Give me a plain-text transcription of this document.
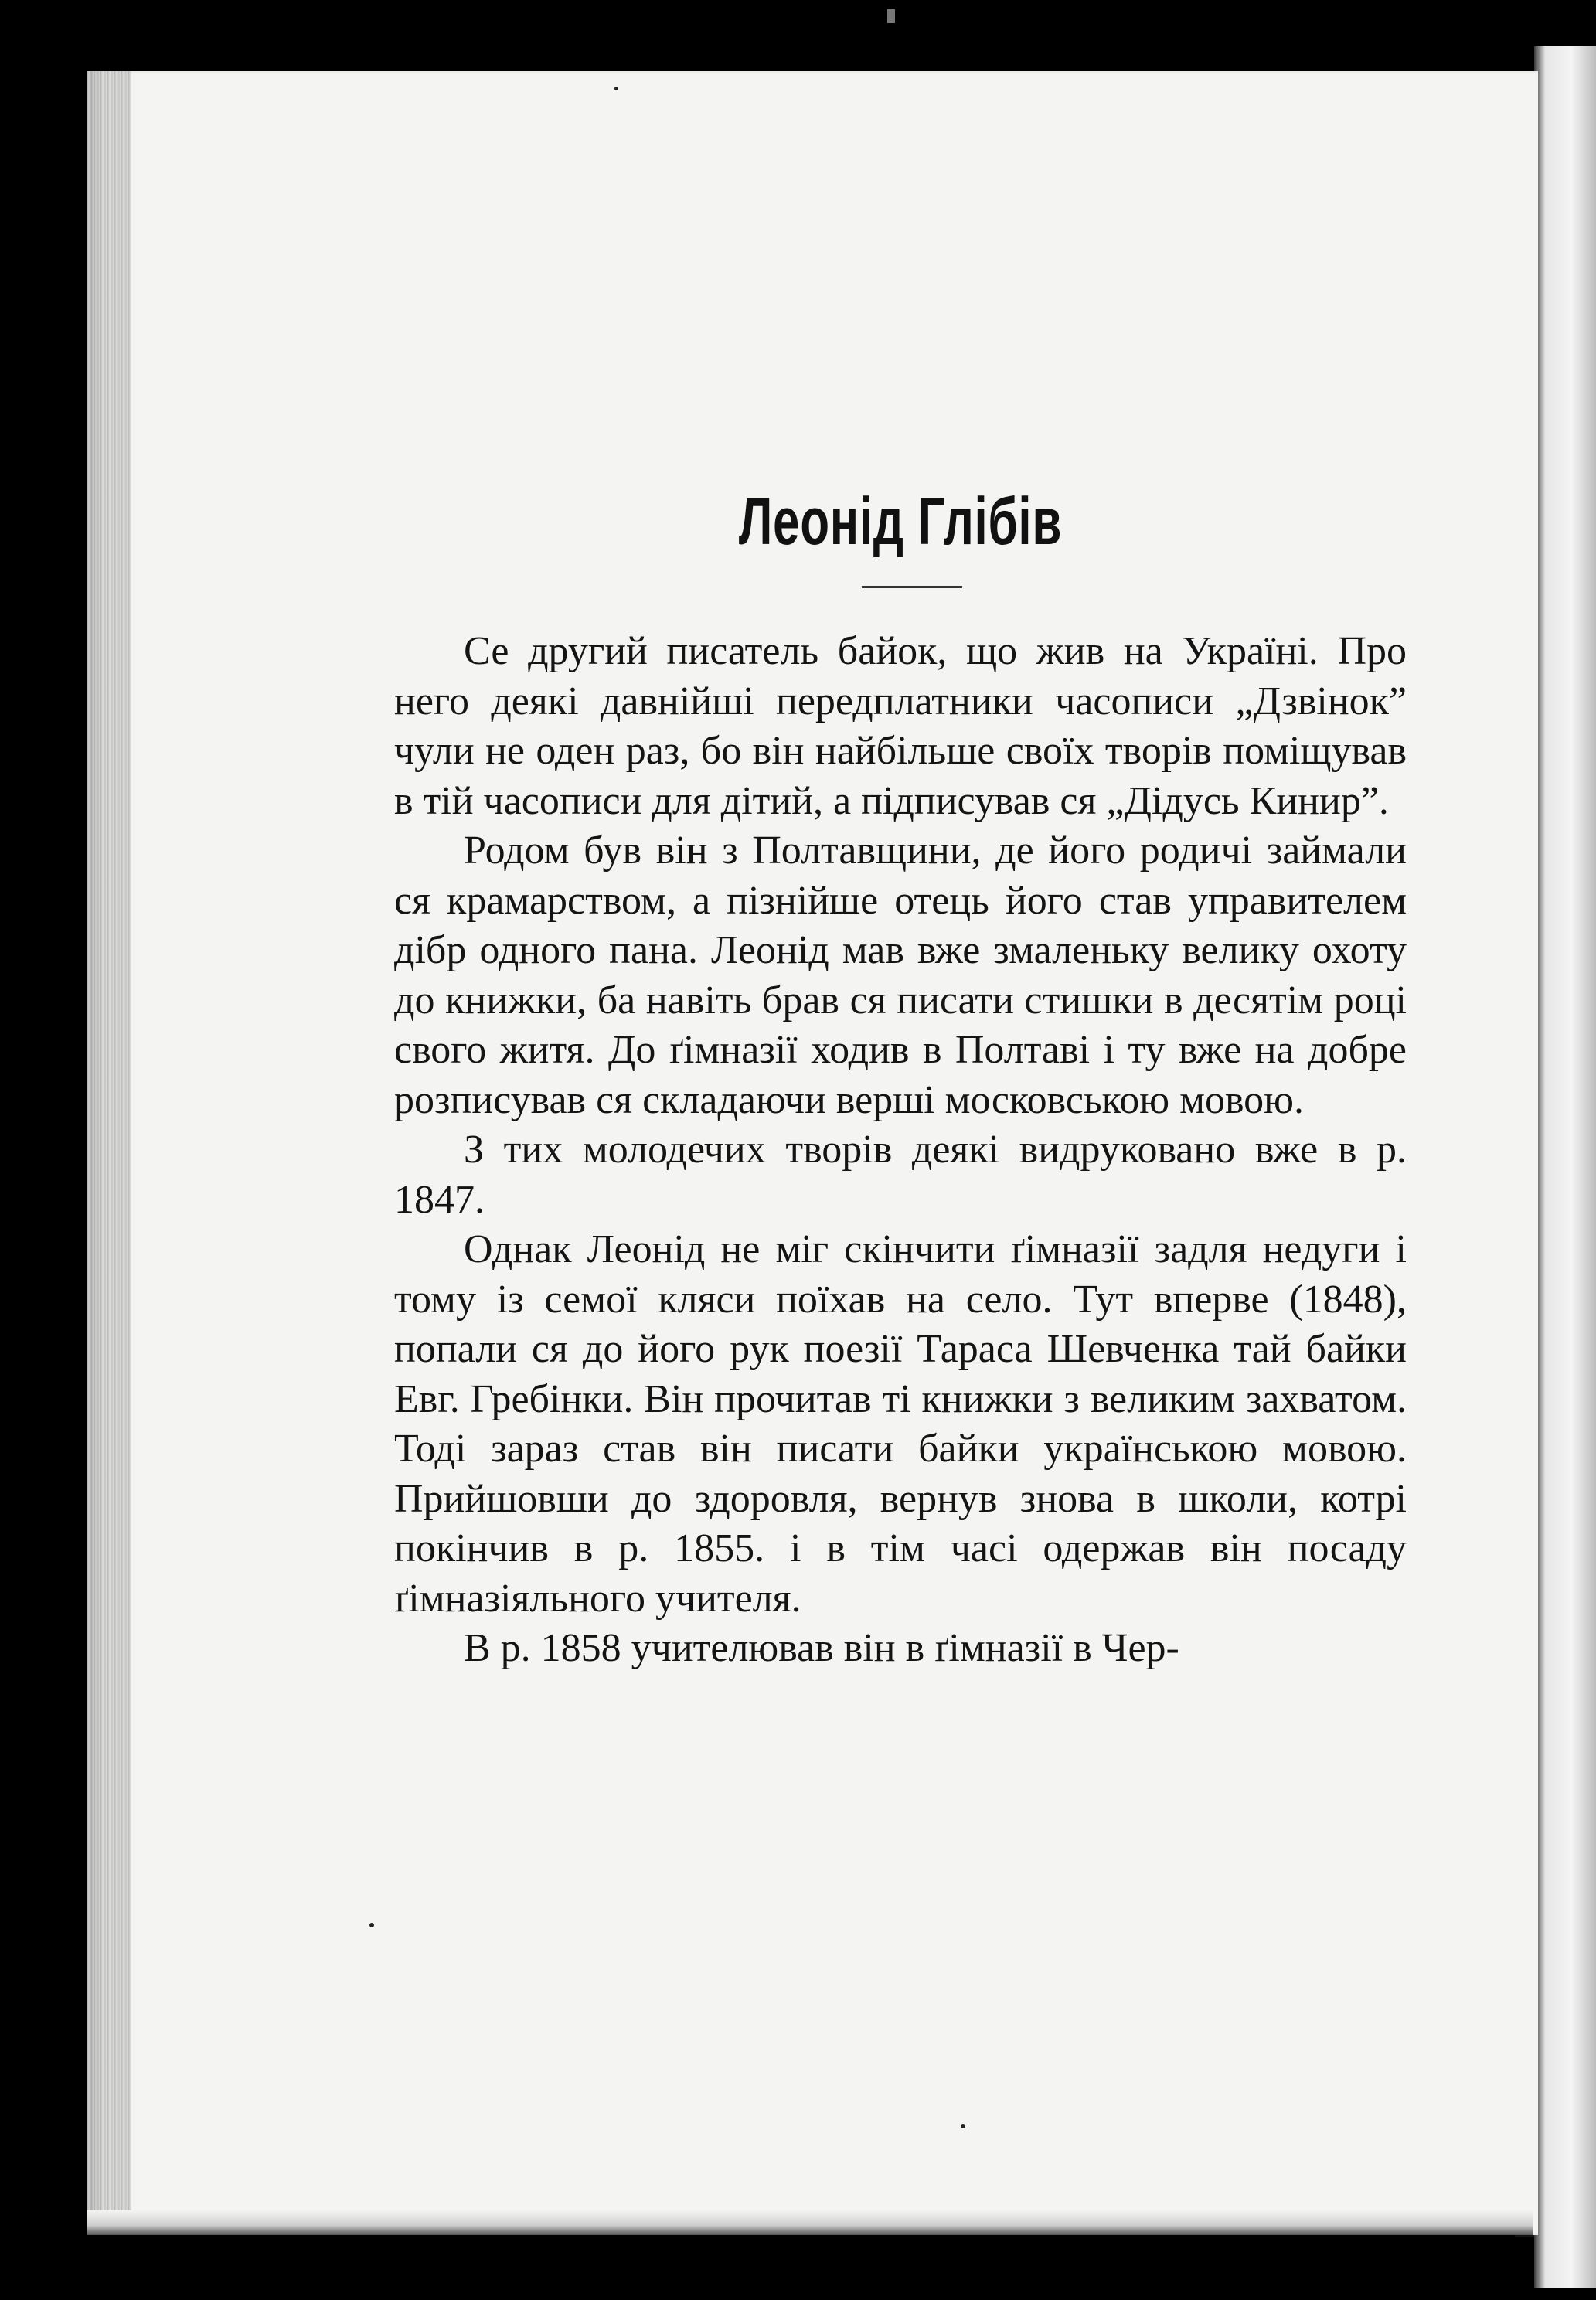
Леонід Глібів

Се другий писатель байок, що жив на Україні. Про него деякі давнійші передплатники часописи „Дзвінок” чули не оден раз, бо він найбільше своїх творів поміщував в тій часописи для дітий, а підписував ся „Дідусь Кинир”.

Родом був він з Полтавщини, де його родичі займали ся крамарством, а пізнійше отець його став управителем дібр одного пана. Леонід мав вже змаленьку велику охоту до книжки, ба навіть брав ся писати стишки в десятім році свого житя. До ґімназії ходив в Полтаві і ту вже на добре розписував ся складаючи верші московською мовою.

З тих молодечих творів деякі видруковано вже в р. 1847.

Однак Леонід не міг скінчити ґімназії задля недуги і тому із семої кляси поїхав на село. Тут вперве (1848), попали ся до його рук поезії Тараса Шевченка тай байки Евг. Гребінки. Він прочитав ті книжки з великим захватом. Тоді зараз став він писати байки українською мовою. Прийшовши до здоровля, вернув знова в школи, котрі покінчив в р. 1855. і в тім часі одержав він посаду ґімназіяльного учителя.

В р. 1858 учителював він в ґімназії в Чер-
